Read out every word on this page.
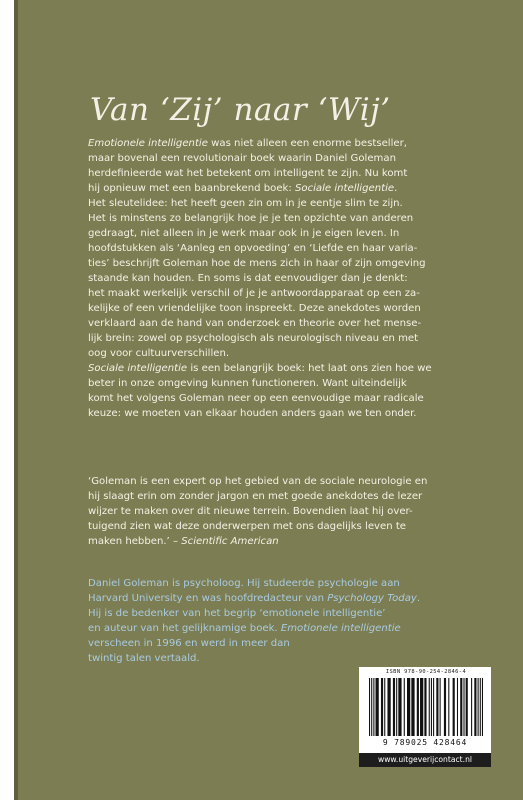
Van ‘Zij’ naar ‘Wij’
Emotionele intelligentie was niet alleen een enorme bestseller,
maar bovenal een revolutionair boek waarin Daniel Goleman
herdefinieerde wat het betekent om intelligent te zijn. Nu komt
hij opnieuw met een baanbrekend boek: Sociale intelligentie.
Het sleutelidee: het heeft geen zin om in je eentje slim te zijn.
Het is minstens zo belangrijk hoe je je ten opzichte van anderen
gedraagt, niet alleen in je werk maar ook in je eigen leven. In
hoofdstukken als ‘Aanleg en opvoeding’ en ‘Liefde en haar varia-
ties’ beschrijft Goleman hoe de mens zich in haar of zijn omgeving
staande kan houden. En soms is dat eenvoudiger dan je denkt:
het maakt werkelijk verschil of je je antwoordapparaat op een za-
kelijke of een vriendelijke toon inspreekt. Deze anekdotes worden
verklaard aan de hand van onderzoek en theorie over het mense-
lijk brein: zowel op psychologisch als neurologisch niveau en met
oog voor cultuurverschillen.
Sociale intelligentie is een belangrijk boek: het laat ons zien hoe we
beter in onze omgeving kunnen functioneren. Want uiteindelijk
komt het volgens Goleman neer op een eenvoudige maar radicale
keuze: we moeten van elkaar houden anders gaan we ten onder.
‘Goleman is een expert op het gebied van de sociale neurologie en
hij slaagt erin om zonder jargon en met goede anekdotes de lezer
wijzer te maken over dit nieuwe terrein. Bovendien laat hij over-
tuigend zien wat deze onderwerpen met ons dagelijks leven te
maken hebben.’ – Scientific American
Daniel Goleman is psycholoog. Hij studeerde psychologie aan
Harvard University en was hoofdredacteur van Psychology Today.
Hij is de bedenker van het begrip ‘emotionele intelligentie’
en auteur van het gelijknamige boek. Emotionele intelligentie
verscheen in 1996 en werd in meer dan
twintig talen vertaald.
ISBN 978-90-254-2846-4
9 789025 428464
www.uitgeverijcontact.nl
